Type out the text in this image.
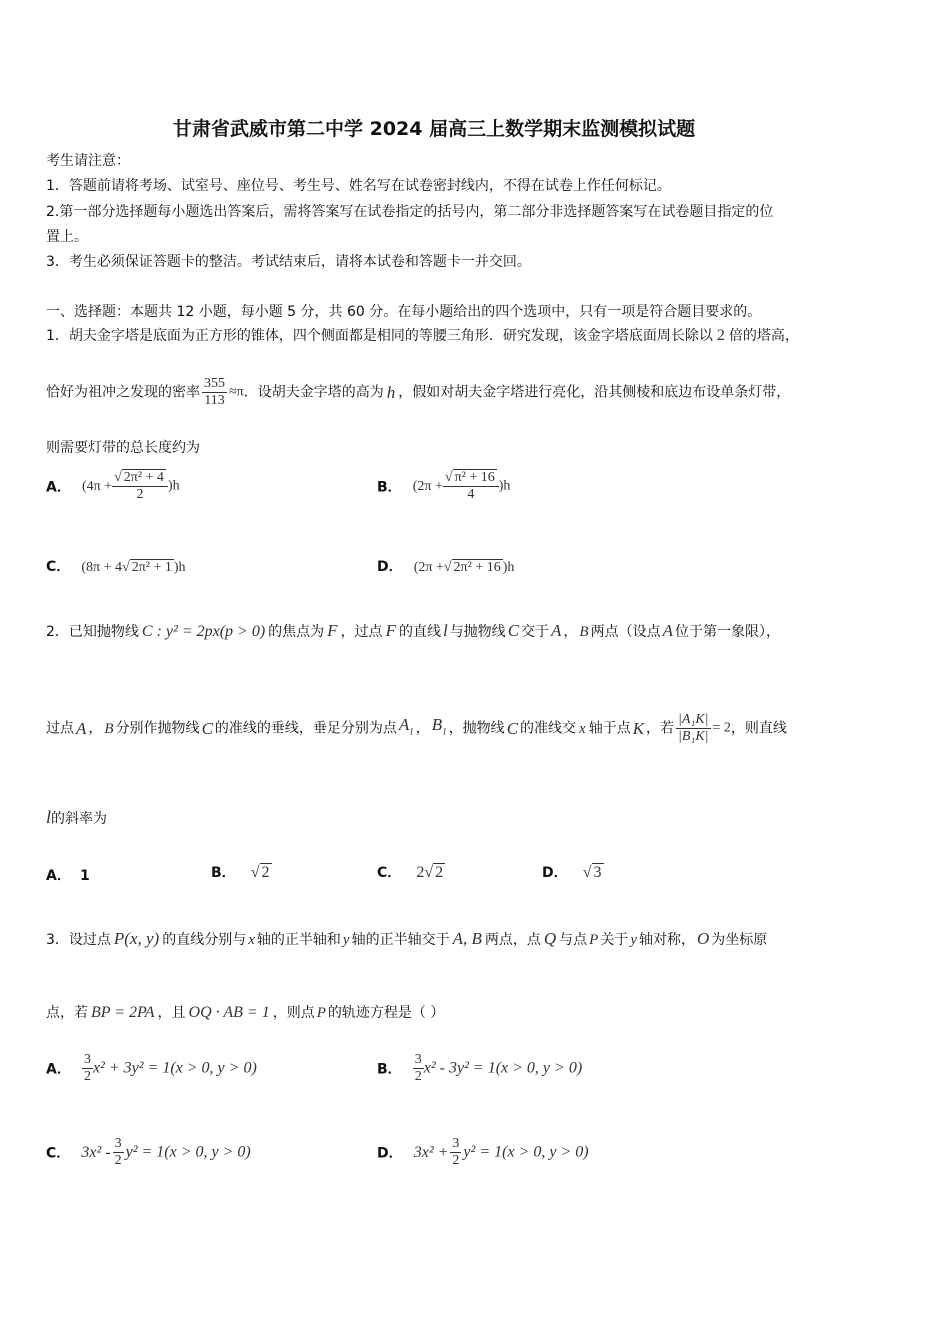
甘肃省武威市第二中学 2024 届高三上数学期末监测模拟试题
考生请注意：
1．答题前请将考场、试室号、座位号、考生号、姓名写在试卷密封线内，不得在试卷上作任何标记。
2.第一部分选择题每小题选出答案后，需将答案写在试卷指定的括号内，第二部分非选择题答案写在试卷题目指定的位
置上。
3．考生必须保证答题卡的整洁。考试结束后，请将本试卷和答题卡一并交回。
一、选择题：本题共 12 小题，每小题 5 分，共 60 分。在每小题给出的四个选项中，只有一项是符合题目要求的。
1．胡夫金字塔是底面为正方形的锥体，四个侧面都是相同的等腰三角形．研究发现，该金字塔底面周长除以 2 倍的塔高，
恰好为祖冲之发现的密率 $\frac{355}{113} \approx\pi$．设胡夫金字塔的高为 h ，假如对胡夫金字塔进行亮化，沿其侧棱和底边布设单条灯带，
则需要灯带的总长度约为
A． $(4\pi + \frac{\text{√ 2π² + 4}}{2} )h$	B． $(2\pi + \frac{\text{√ π² + 16}}{4} )h$
C． (8π + 4√ 2π² + 1 )h	D． (2π +√ 2π² + 16 )h
2．已知抛物线 C : y² = 2px(p > 0) 的焦点为 F ，过点 F 的直线 l 与抛物线 C 交于 A ， B 两点（设点 A 位于第一象限），
过点 A ， B 分别作抛物线 C 的准线的垂线，垂足分别为点 $A_1$ ， $B_1$ ，抛物线 C 的准线交 x 轴于点 K ，若 $\frac{\text{|A₁K|}}{\text{|B₁K|}} = 2$，则直线
l的斜率为
A． 1	B． √ 2	C． 2√ 2	D． √ 3
3．设过点 P(x, y) 的直线分别与 x 轴的正半轴和 y 轴的正半轴交于 A, B 两点，点 Q 与点 P 关于 y 轴对称， O 为坐标原
点，若 BP = 2PA ，且 OQ · AB = 1 ，则点 P 的轨迹方程是（ ）
A． $\frac{3}{2} x^2 + 3y^2 = 1(x > 0$, y > 0)	B． $\frac{3}{2} x^2 - 3y^2 = 1(x > 0$, y > 0)
C． $3x^2 - \frac{3}{2} y^2 = 1(x > 0$, y > 0)	D． $3x^2 + \frac{3}{2} y^2 = 1(x > 0$, y > 0)
